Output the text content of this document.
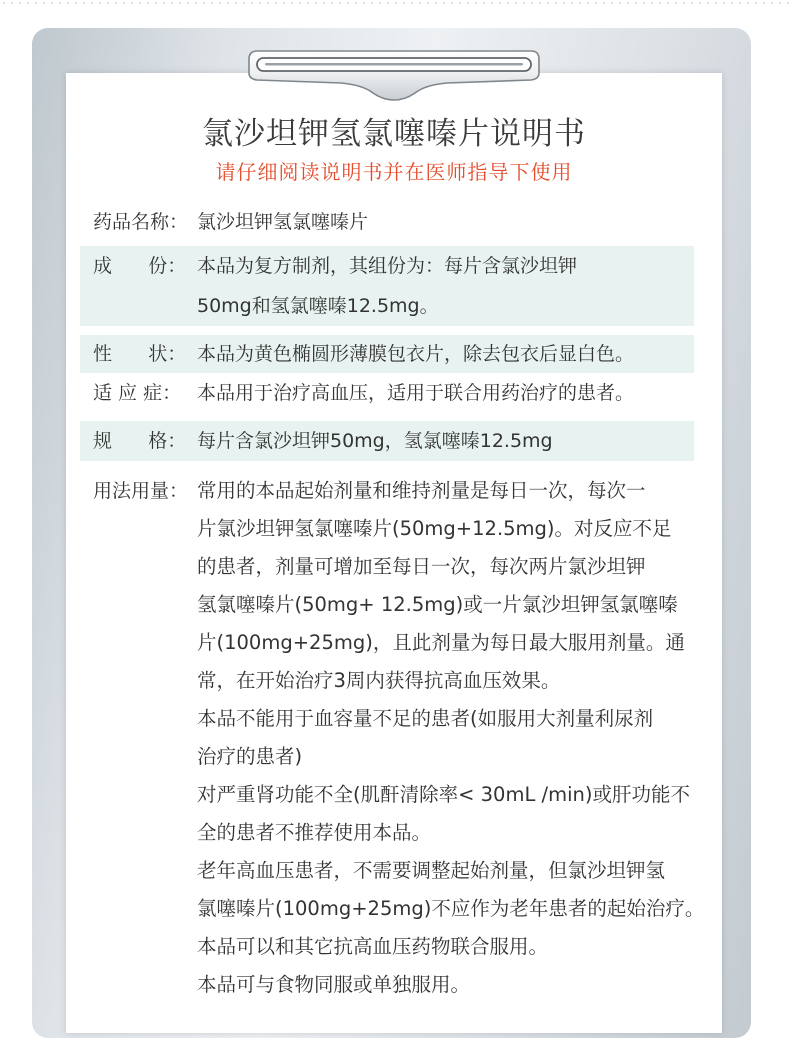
氯沙坦钾氢氯噻嗪片说明书
请仔细阅读说明书并在医师指导下使用
药品名称： 氯沙坦钾氢氯噻嗪片
成      份： 本品为复方制剂，其组份为：每片含氯沙坦钾
50mg和氢氯噻嗪12.5mg。
性      状： 本品为黄色椭圆形薄膜包衣片，除去包衣后显白色。
适 应 症： 本品用于治疗高血压，适用于联合用药治疗的患者。
规      格： 每片含氯沙坦钾50mg，氢氯噻嗪12.5mg
用法用量： 常用的本品起始剂量和维持剂量是每日一次，每次一
片氯沙坦钾氢氯噻嗪片(50mg+12.5mg)。对反应不足
的患者，剂量可增加至每日一次，每次两片氯沙坦钾
氢氯噻嗪片(50mg+ 12.5mg)或一片氯沙坦钾氢氯噻嗪
片(100mg+25mg)，且此剂量为每日最大服用剂量。通
常，在开始治疗3周内获得抗高血压效果。
本品不能用于血容量不足的患者(如服用大剂量利尿剂
治疗的患者)
对严重肾功能不全(肌酐清除率< 30mL /min)或肝功能不
全的患者不推荐使用本品。
老年高血压患者，不需要调整起始剂量，但氯沙坦钾氢
氯噻嗪片(100mg+25mg)不应作为老年患者的起始治疗。
本品可以和其它抗高血压药物联合服用。
本品可与食物同服或单独服用。
